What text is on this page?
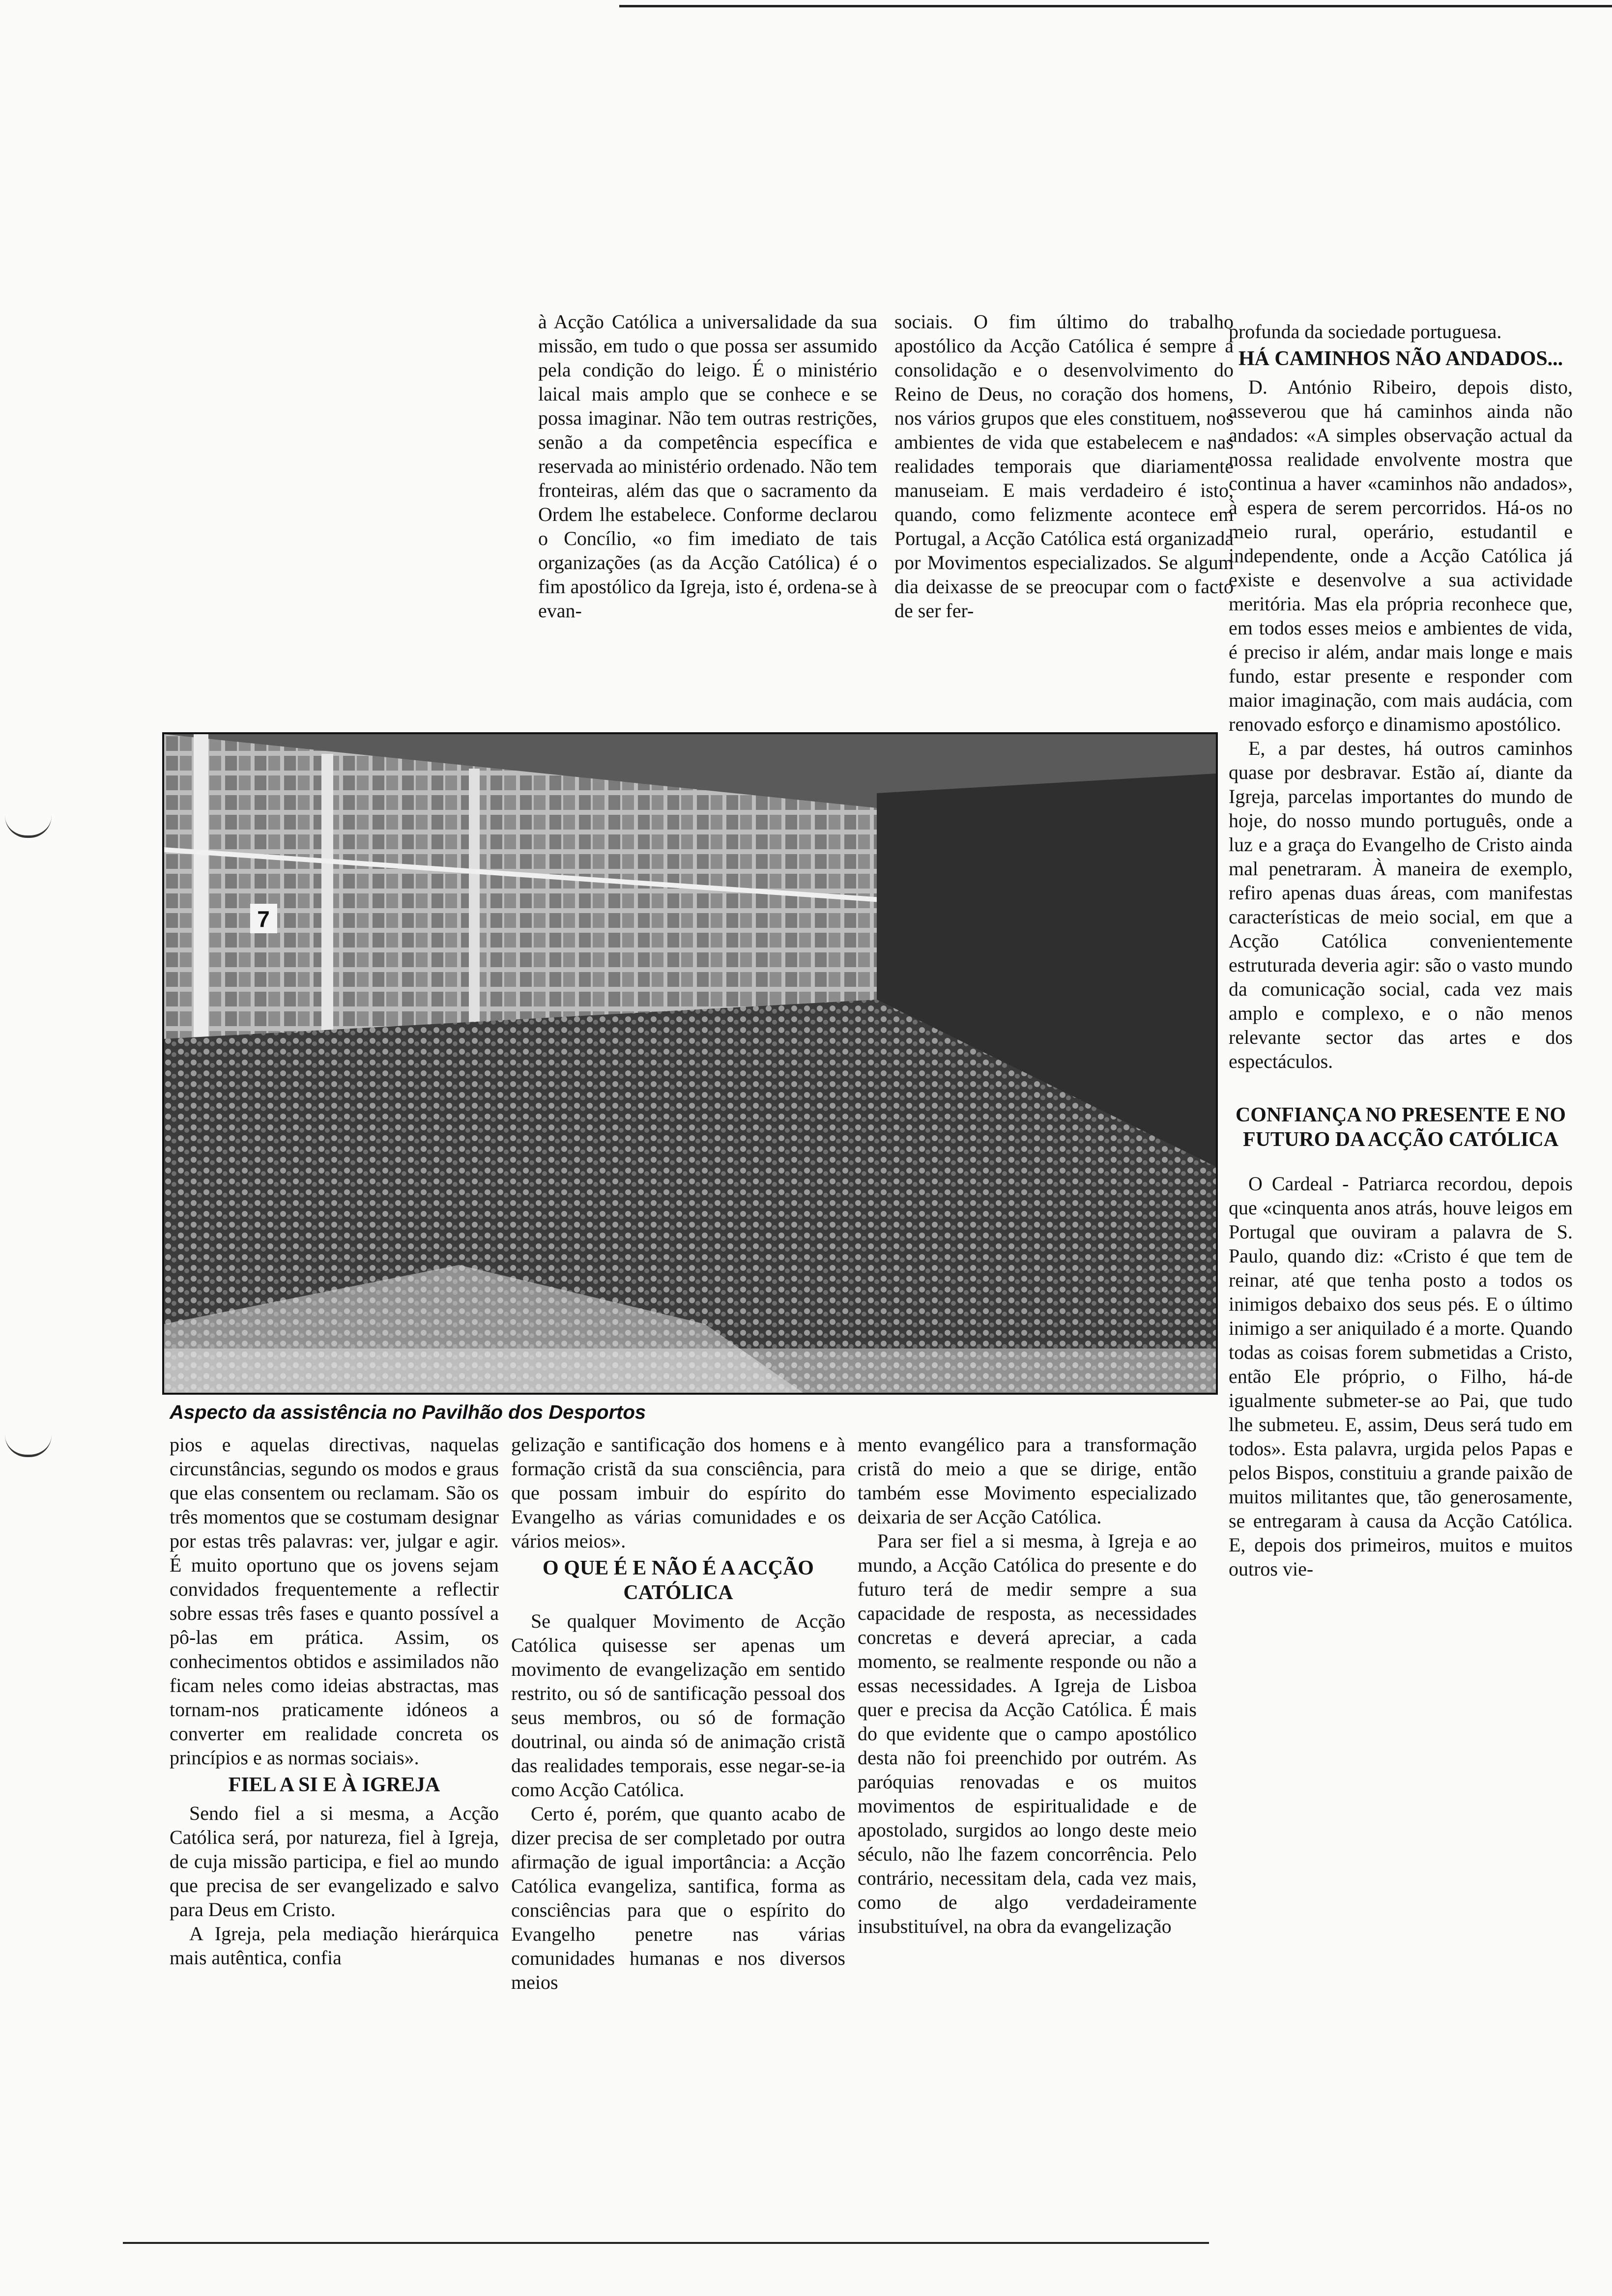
à Acção Católica a universalidade da sua missão, em tudo o que possa ser assumido pela condição do leigo. É o ministério laical mais amplo que se conhece e se possa imaginar. Não tem outras restrições, senão a da competência específica e reservada ao ministério ordenado. Não tem fronteiras, além das que o sacramento da Ordem lhe estabelece. Conforme declarou o Concílio, «o fim imediato de tais organizações (as da Acção Católica) é o fim apostólico da Igreja, isto é, ordena-se à evan-

sociais. O fim último do trabalho apostólico da Acção Católica é sempre a consolidação e o desenvolvimento do Reino de Deus, no coração dos homens, nos vários grupos que eles constituem, nos ambientes de vida que estabelecem e nas realidades temporais que diariamente manuseiam. E mais verdadeiro é isto, quando, como felizmente acontece em Portugal, a Acção Católica está organizada por Movimentos especializados. Se algum dia deixasse de se preocupar com o facto de ser fer-

profunda da sociedade portuguesa.

HÁ CAMINHOS NÃO ANDADOS...

D. António Ribeiro, depois disto, asseverou que há caminhos ainda não andados: «A simples observação actual da nossa realidade envolvente mostra que continua a haver «caminhos não andados», à espera de serem percorridos. Há-os no meio rural, operário, estudantil e independente, onde a Acção Católica já existe e desenvolve a sua actividade meritória. Mas ela própria reconhece que, em todos esses meios e ambientes de vida, é preciso ir além, andar mais longe e mais fundo, estar presente e responder com maior imaginação, com mais audácia, com renovado esforço e dinamismo apostólico.

E, a par destes, há outros caminhos quase por desbravar. Estão aí, diante da Igreja, parcelas importantes do mundo de hoje, do nosso mundo português, onde a luz e a graça do Evangelho de Cristo ainda mal penetraram. À maneira de exemplo, refiro apenas duas áreas, com manifestas características de meio social, em que a Acção Católica convenientemente estruturada deveria agir: são o vasto mundo da comunicação social, cada vez mais amplo e complexo, e o não menos relevante sector das artes e dos espectáculos.

CONFIANÇA NO PRESENTE E NO FUTURO DA ACÇÃO CATÓLICA

O Cardeal - Patriarca recordou, depois que «cinquenta anos atrás, houve leigos em Portugal que ouviram a palavra de S. Paulo, quando diz: «Cristo é que tem de reinar, até que tenha posto a todos os inimigos debaixo dos seus pés. E o último inimigo a ser aniquilado é a morte. Quando todas as coisas forem submetidas a Cristo, então Ele próprio, o Filho, há-de igualmente submeter-se ao Pai, que tudo lhe submeteu. E, assim, Deus será tudo em todos». Esta palavra, urgida pelos Papas e pelos Bispos, constituiu a grande paixão de muitos militantes que, tão generosamente, se entregaram à causa da Acção Católica. E, depois dos primeiros, muitos e muitos outros vie-

7
Aspecto da assistência no Pavilhão dos Desportos

pios e aquelas directivas, naquelas circunstâncias, segundo os modos e graus que elas consentem ou reclamam. São os três momentos que se costumam designar por estas três palavras: ver, julgar e agir. É muito oportuno que os jovens sejam convidados frequentemente a reflectir sobre essas três fases e quanto possível a pô-las em prática. Assim, os conhecimentos obtidos e assimilados não ficam neles como ideias abstractas, mas tornam-nos praticamente idóneos a converter em realidade concreta os princípios e as normas sociais».

FIEL A SI E À IGREJA

Sendo fiel a si mesma, a Acção Católica será, por natureza, fiel à Igreja, de cuja missão participa, e fiel ao mundo que precisa de ser evangelizado e salvo para Deus em Cristo.

A Igreja, pela mediação hierárquica mais autêntica, confia

gelização e santificação dos homens e à formação cristã da sua consciência, para que possam imbuir do espírito do Evangelho as várias comunidades e os vários meios».

O QUE É E NÃO É A ACÇÃO CATÓLICA

Se qualquer Movimento de Acção Católica quisesse ser apenas um movimento de evangelização em sentido restrito, ou só de santificação pessoal dos seus membros, ou só de formação doutrinal, ou ainda só de animação cristã das realidades temporais, esse negar-se-ia como Acção Católica.

Certo é, porém, que quanto acabo de dizer precisa de ser completado por outra afirmação de igual importância: a Acção Católica evangeliza, santifica, forma as consciências para que o espírito do Evangelho penetre nas várias comunidades humanas e nos diversos meios

mento evangélico para a transformação cristã do meio a que se dirige, então também esse Movimento especializado deixaria de ser Acção Católica.

Para ser fiel a si mesma, à Igreja e ao mundo, a Acção Católica do presente e do futuro terá de medir sempre a sua capacidade de resposta, as necessidades concretas e deverá apreciar, a cada momento, se realmente responde ou não a essas necessidades. A Igreja de Lisboa quer e precisa da Acção Católica. É mais do que evidente que o campo apostólico desta não foi preenchido por outrém. As paróquias renovadas e os muitos movimentos de espiritualidade e de apostolado, surgidos ao longo deste meio século, não lhe fazem concorrência. Pelo contrário, necessitam dela, cada vez mais, como de algo verdadeiramente insubstituível, na obra da evangelização
